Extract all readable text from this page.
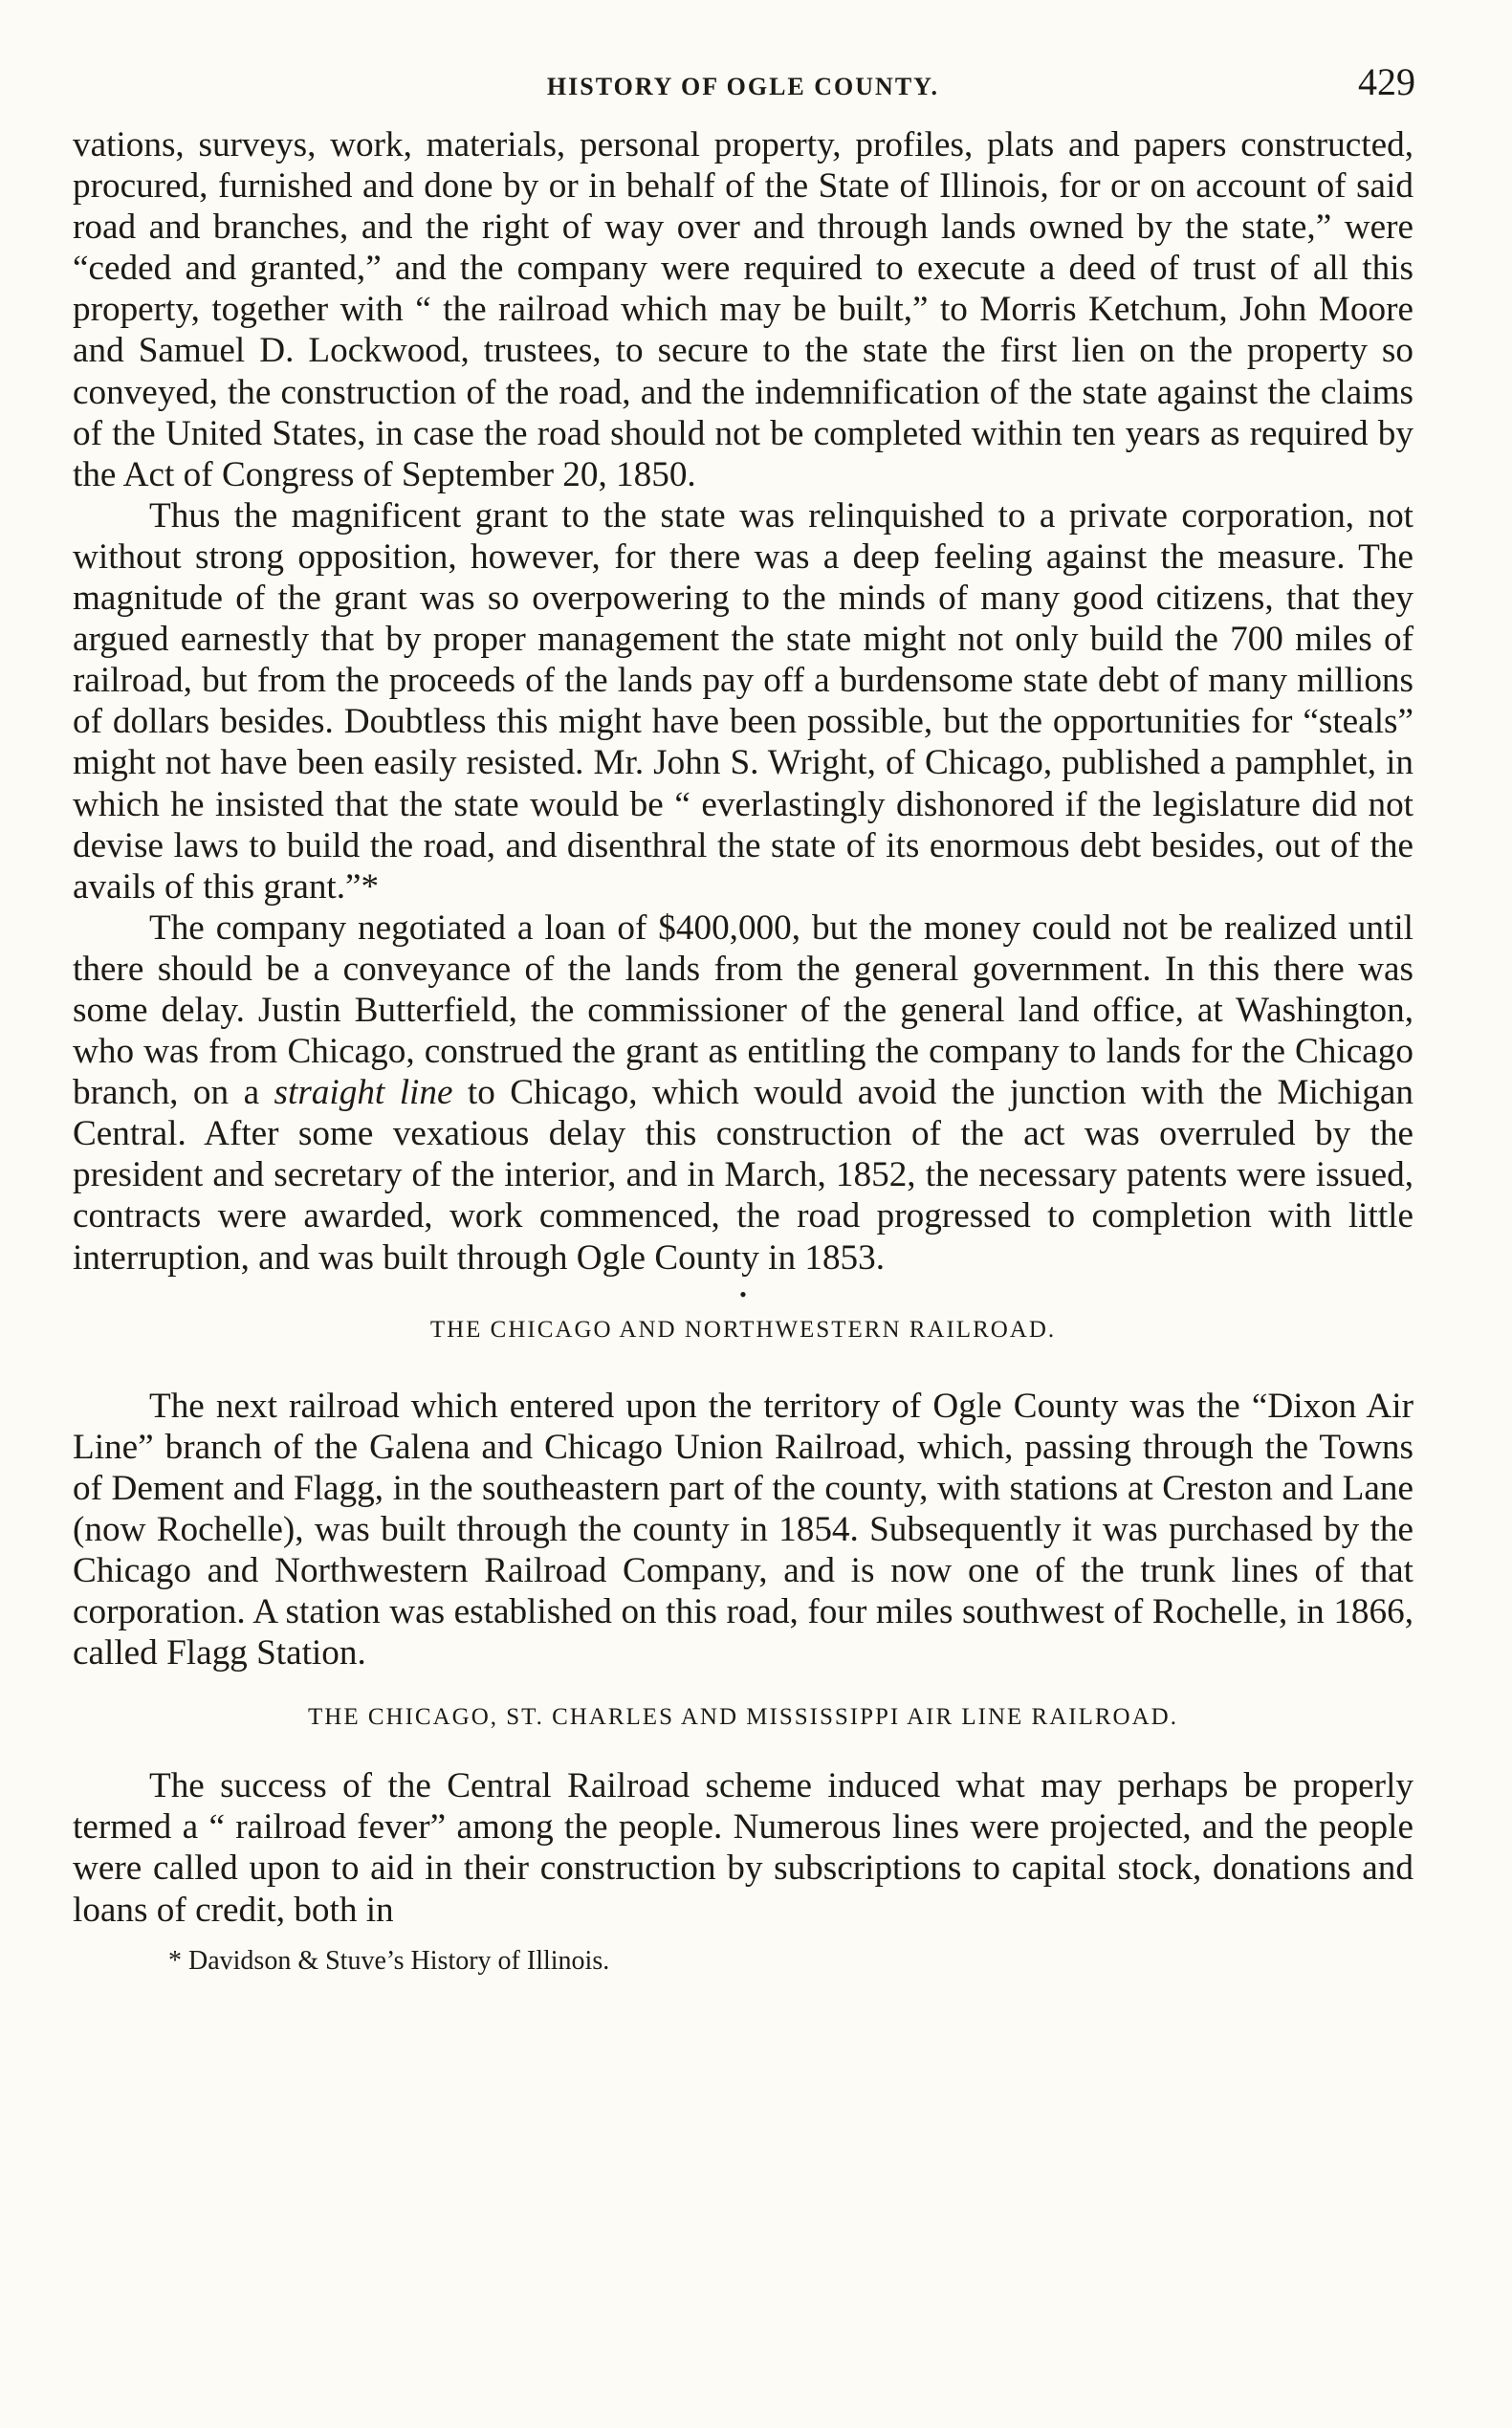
HISTORY OF OGLE COUNTY.	429

vations, surveys, work, materials, personal property, profiles, plats and papers constructed, procured, furnished and done by or in behalf of the State of Illinois, for or on account of said road and branches, and the right of way over and through lands owned by the state,” were “ceded and granted,” and the company were required to execute a deed of trust of all this property, together with “ the railroad which may be built,” to Morris Ketchum, John Moore and Samuel D. Lockwood, trustees, to secure to the state the first lien on the property so conveyed, the construction of the road, and the indemnification of the state against the claims of the United States, in case the road should not be completed within ten years as required by the Act of Congress of September 20, 1850.

Thus the magnificent grant to the state was relinquished to a private corporation, not without strong opposition, however, for there was a deep feeling against the measure. The magnitude of the grant was so overpowering to the minds of many good citizens, that they argued earnestly that by proper management the state might not only build the 700 miles of railroad, but from the proceeds of the lands pay off a burdensome state debt of many millions of dollars besides. Doubtless this might have been possible, but the opportunities for “steals” might not have been easily resisted. Mr. John S. Wright, of Chicago, published a pamphlet, in which he insisted that the state would be “ everlastingly dishonored if the legislature did not devise laws to build the road, and disenthral the state of its enormous debt besides, out of the avails of this grant.”*

The company negotiated a loan of $400,000, but the money could not be realized until there should be a conveyance of the lands from the general government. In this there was some delay. Justin Butterfield, the commissioner of the general land office, at Washington, who was from Chicago, construed the grant as entitling the company to lands for the Chicago branch, on a straight line to Chicago, which would avoid the junction with the Michigan Central. After some vexatious delay this construction of the act was overruled by the president and secretary of the interior, and in March, 1852, the necessary patents were issued, contracts were awarded, work commenced, the road progressed to completion with little interruption, and was built through Ogle County in 1853.

•
THE CHICAGO AND NORTHWESTERN RAILROAD.

The next railroad which entered upon the territory of Ogle County was the “Dixon Air Line” branch of the Galena and Chicago Union Railroad, which, passing through the Towns of Dement and Flagg, in the southeastern part of the county, with stations at Creston and Lane (now Rochelle), was built through the county in 1854. Subsequently it was purchased by the Chicago and Northwestern Railroad Company, and is now one of the trunk lines of that corporation. A station was established on this road, four miles southwest of Rochelle, in 1866, called Flagg Station.

THE CHICAGO, ST. CHARLES AND MISSISSIPPI AIR LINE RAILROAD.

The success of the Central Railroad scheme induced what may perhaps be properly termed a “ railroad fever” among the people. Numerous lines were projected, and the people were called upon to aid in their construction by subscriptions to capital stock, donations and loans of credit, both in

* Davidson & Stuve’s History of Illinois.
